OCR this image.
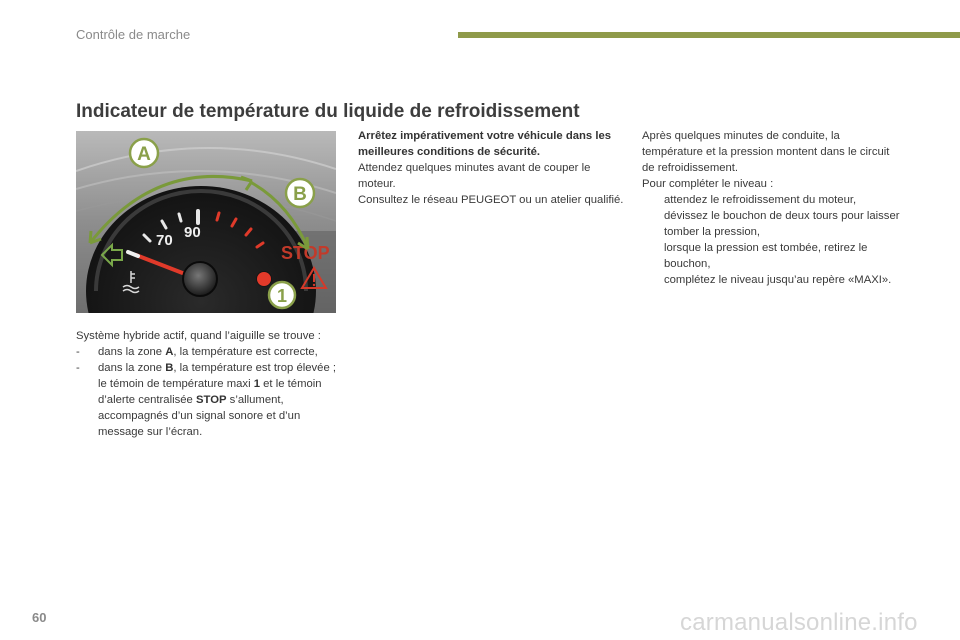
Contrôle de marche
Indicateur de température du liquide de refroidissement
70 90
STOP
A
B
1
Système hybride actif, quand l’aiguille se trouve :
-	dans la zone A, la température est correcte,
-	dans la zone B, la température est trop élevée ; le témoin de température maxi 1 et le témoin d’alerte centralisée STOP s’allument, accompagnés d’un signal sonore et d’un message sur l’écran.
Arrêtez impérativement votre véhicule dans les meilleures conditions de sécurité.
Attendez quelques minutes avant de couper le moteur.
Consultez le réseau PEUGEOT ou un atelier qualifié.
Après quelques minutes de conduite, la température et la pression montent dans le circuit de refroidissement.
Pour compléter le niveau :
attendez le refroidissement du moteur,
dévissez le bouchon de deux tours pour laisser tomber la pression,
lorsque la pression est tombée, retirez le bouchon,
complétez le niveau jusqu’au repère «MAXI».
60	carmanualsonline.info
